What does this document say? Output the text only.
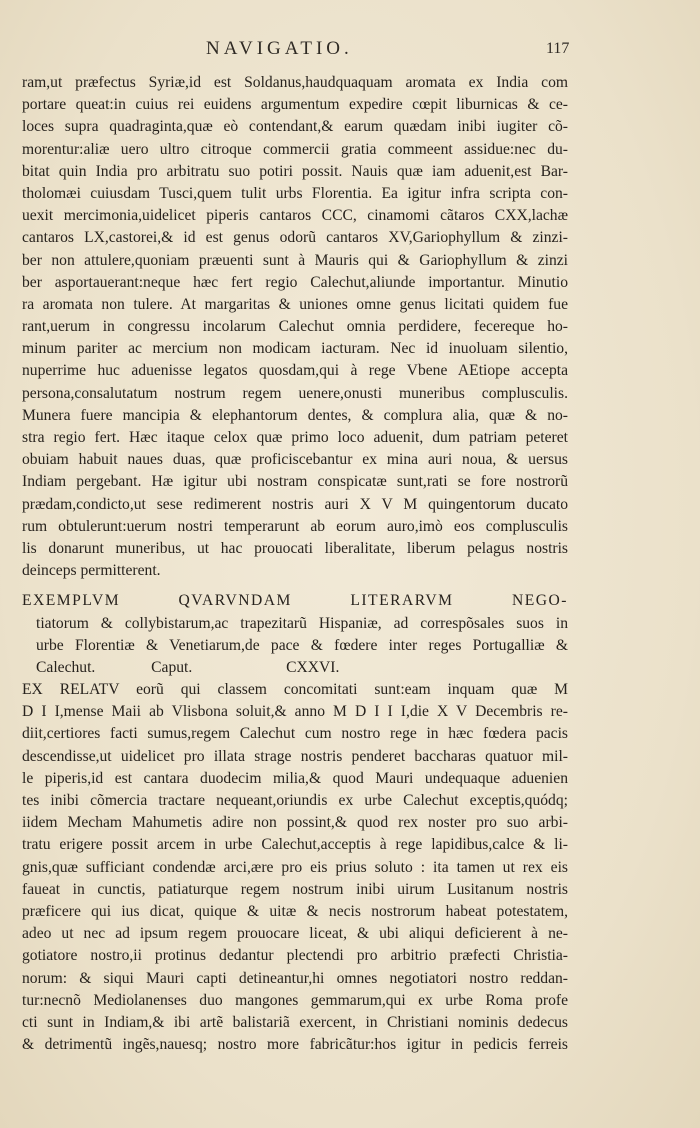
NAVIGATIO.	117
ram,ut præfectus Syriæ,id est Soldanus,haudquaquam aromata ex India com
portare queat:in cuius rei euidens argumentum expedire cœpit liburnicas & ce-
loces supra quadraginta,quæ eò contendant,& earum quædam inibi iugiter cõ-
morentur:aliæ uero ultro citroque commercii gratia commeent assidue:nec du-
bitat quin India pro arbitratu suo potiri possit. Nauis quæ iam aduenit,est Bar-
tholomæi cuiusdam Tusci,quem tulit urbs Florentia. Ea igitur infra scripta con-
uexit mercimonia,uidelicet piperis cantaros CCC, cinamomi cãtaros CXX,lachæ
cantaros LX,castorei,& id est genus odorũ cantaros XV,Gariophyllum & zinzi-
ber non attulere,quoniam præuenti sunt à Mauris qui & Gariophyllum & zinzi
ber asportauerant:neque hæc fert regio Calechut,aliunde importantur. Minutio
ra aromata non tulere. At margaritas & uniones omne genus licitati quidem fue
rant,uerum in congressu incolarum Calechut omnia perdidere, fecereque ho-
minum pariter ac mercium non modicam iacturam. Nec id inuoluam silentio,
nuperrime huc aduenisse legatos quosdam,qui à rege Vbene AEtiope accepta
persona,consalutatum nostrum regem uenere,onusti muneribus complusculis.
Munera fuere mancipia & elephantorum dentes, & complura alia, quæ & no-
stra regio fert. Hæc itaque celox quæ primo loco aduenit, dum patriam peteret
obuiam habuit naues duas, quæ proficiscebantur ex mina auri noua, & uersus
Indiam pergebant. Hæ igitur ubi nostram conspicatæ sunt,rati se fore nostrorũ
prædam,condicto,ut sese redimerent nostris auri X V M quingentorum ducato
rum obtulerunt:uerum nostri temperarunt ab eorum auro,imò eos complusculis
lis donarunt muneribus, ut hac prouocati liberalitate, liberum pelagus nostris
deinceps permitterent.
EXEMPLVM QVARVNDAM LITERARVM NEGO-
tiatorum & collybistarum,ac trapezitarũ Hispaniæ, ad correspõsales suos in
urbe Florentiæ & Venetiarum,de pace & fœdere inter reges Portugalliæ &
Calechut.	Caput.	CXXVI.
EX RELATV eorũ qui classem concomitati sunt:eam inquam quæ M
D I I,mense Maii ab Vlisbona soluit,& anno M D I I I,die X V Decembris re-
diit,certiores facti sumus,regem Calechut cum nostro rege in hæc fœdera pacis
descendisse,ut uidelicet pro illata strage nostris penderet baccharas quatuor mil-
le piperis,id est cantara duodecim milia,& quod Mauri undequaque aduenien
tes inibi cõmercia tractare nequeant,oriundis ex urbe Calechut exceptis,quódq;
iidem Mecham Mahumetis adire non possint,& quod rex noster pro suo arbi-
tratu erigere possit arcem in urbe Calechut,acceptis à rege lapidibus,calce & li-
gnis,quæ sufficiant condendæ arci,ære pro eis prius soluto : ita tamen ut rex eis
faueat in cunctis, patiaturque regem nostrum inibi uirum Lusitanum nostris
præficere qui ius dicat, quique & uitæ & necis nostrorum habeat potestatem,
adeo ut nec ad ipsum regem prouocare liceat, & ubi aliqui deficierent à ne-
gotiatore nostro,ii protinus dedantur plectendi pro arbitrio præfecti Christia-
norum: & siqui Mauri capti detineantur,hi omnes negotiatori nostro reddan-
tur:necnõ Mediolanenses duo mangones gemmarum,qui ex urbe Roma profe
cti sunt in Indiam,& ibi artẽ balistariã exercent, in Christiani nominis dedecus
& detrimentũ ingẽs,nauesq; nostro more fabricãtur:hos igitur in pedicis ferreis
